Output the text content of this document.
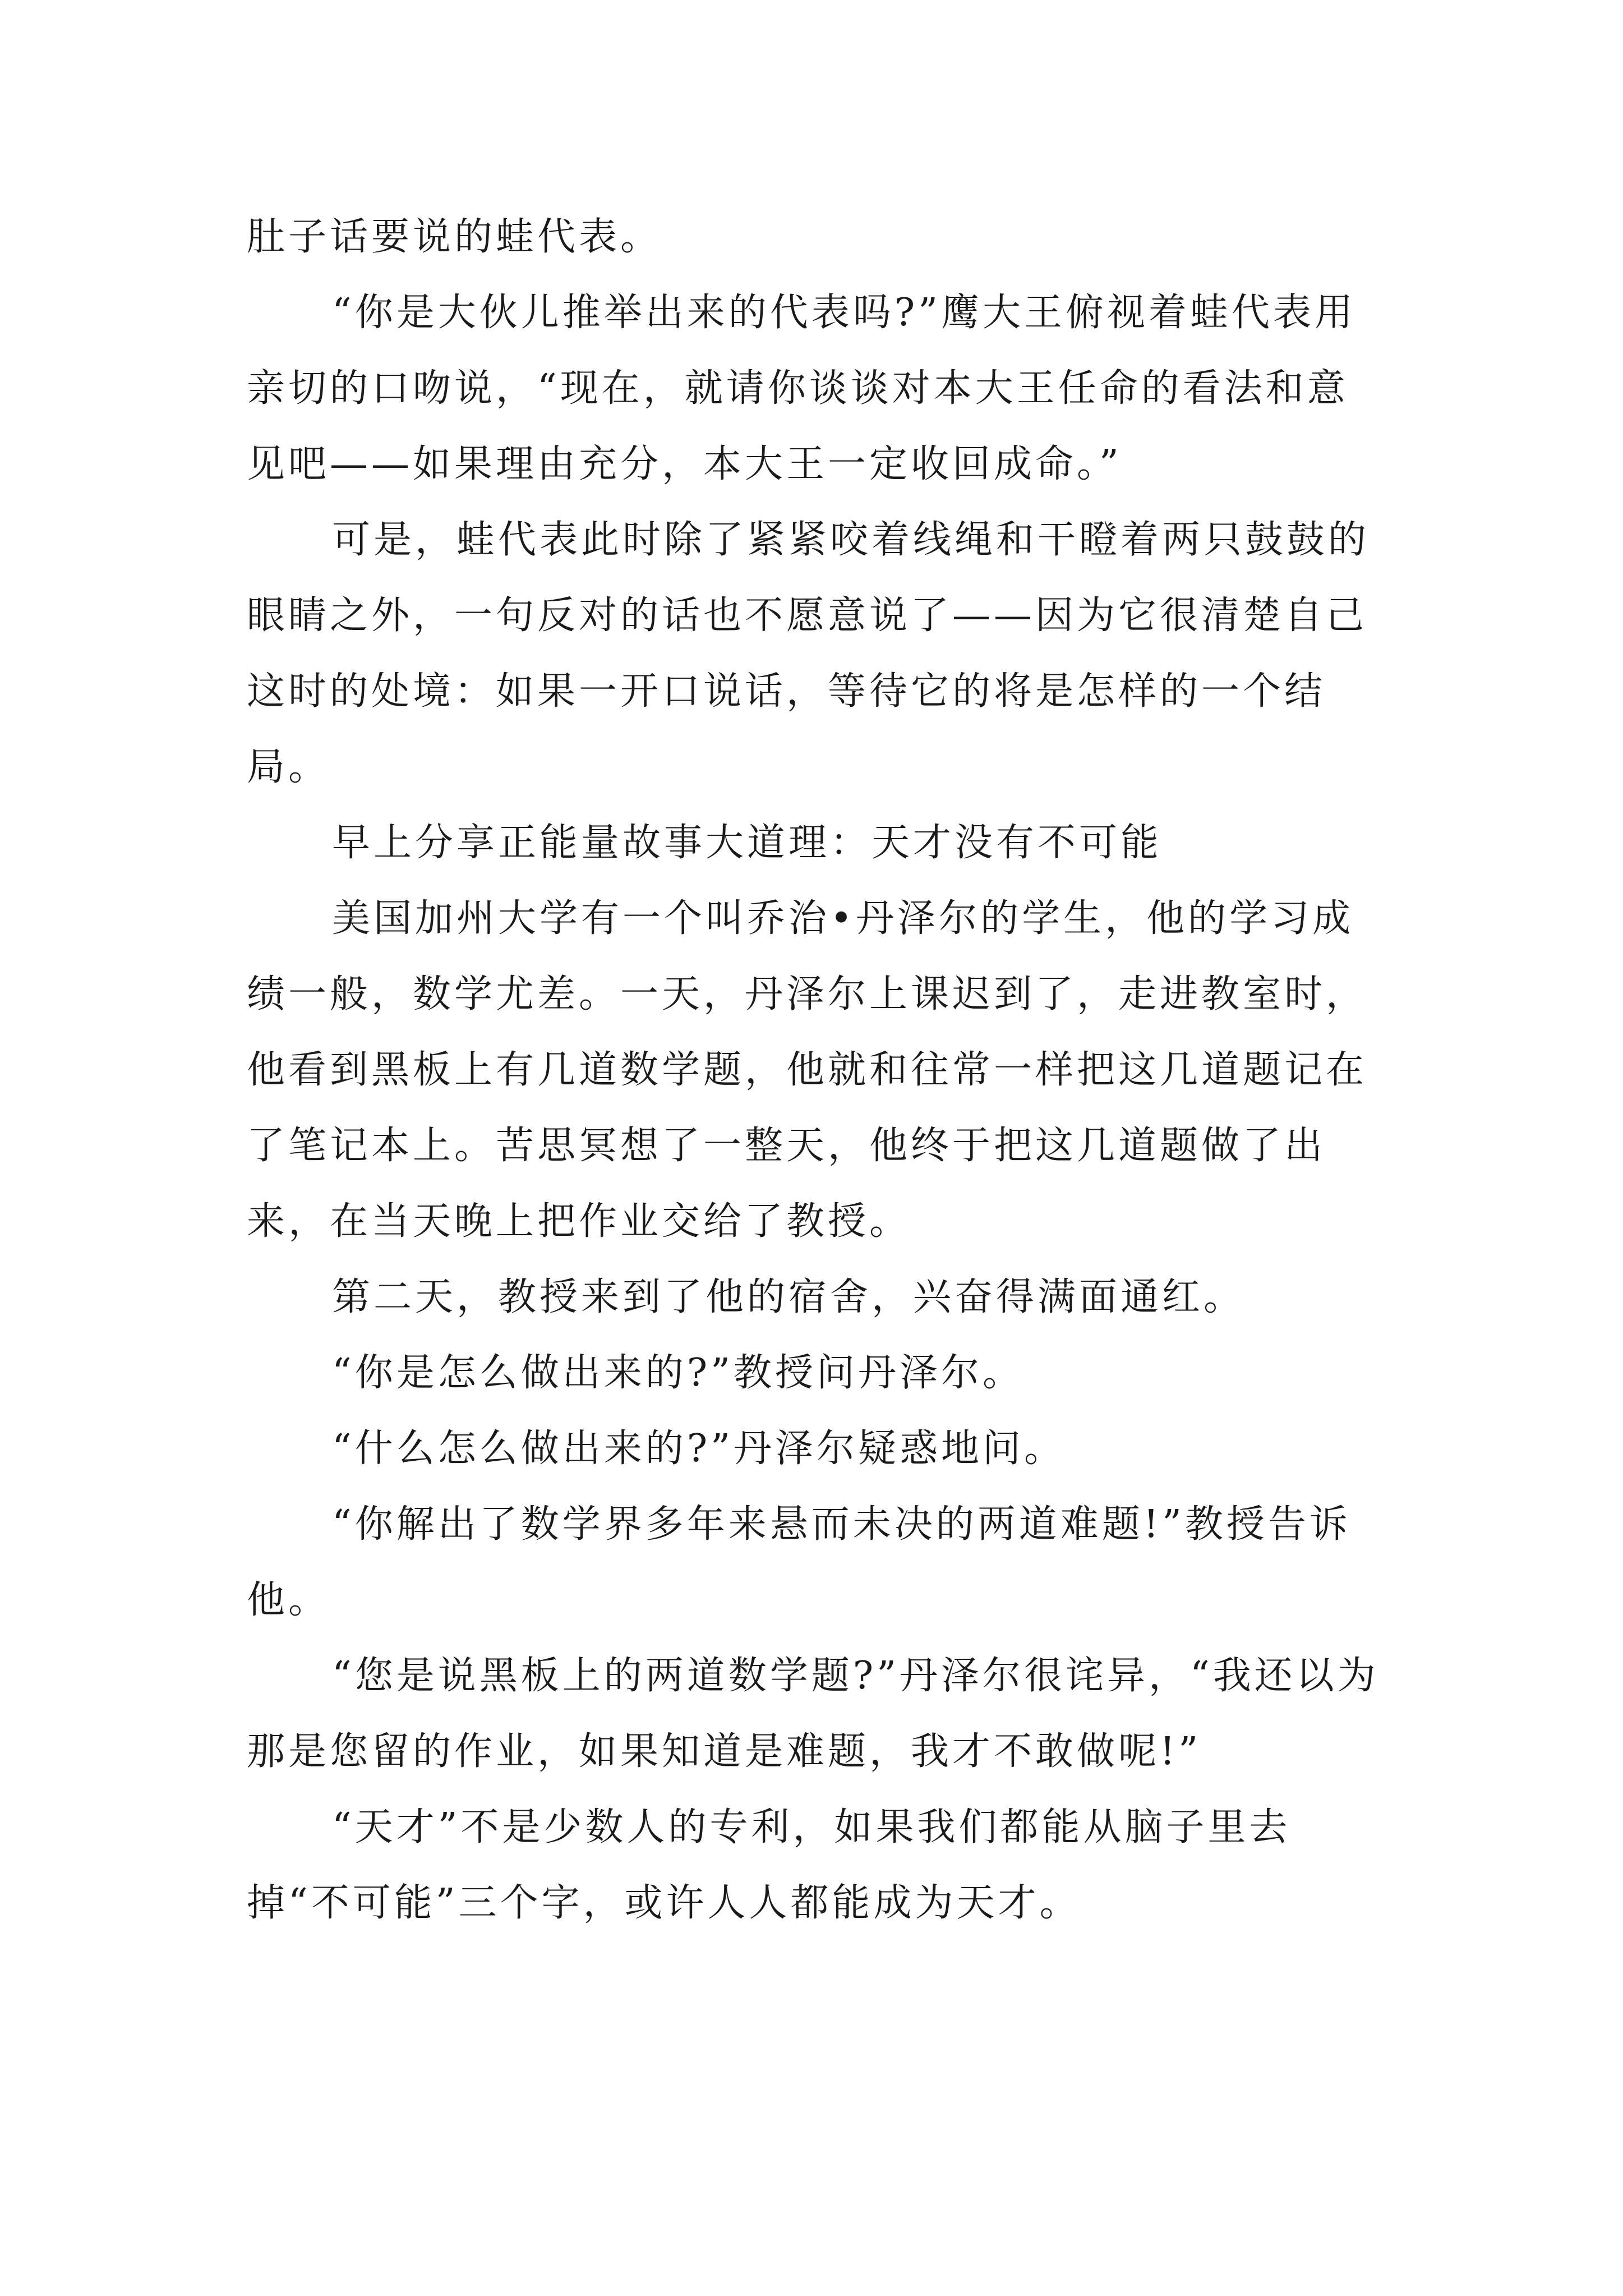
肚子话要说的蛙代表。

“你是大伙儿推举出来的代表吗?”鹰大王俯视着蛙代表用亲切的口吻说，“现在，就请你谈谈对本大王任命的看法和意见吧——如果理由充分，本大王一定收回成命。”

可是，蛙代表此时除了紧紧咬着线绳和干瞪着两只鼓鼓的眼睛之外，一句反对的话也不愿意说了——因为它很清楚自己这时的处境：如果一开口说话，等待它的将是怎样的一个结局。

早上分享正能量故事大道理：天才没有不可能

美国加州大学有一个叫乔治•丹泽尔的学生，他的学习成绩一般，数学尤差。一天，丹泽尔上课迟到了，走进教室时，他看到黑板上有几道数学题，他就和往常一样把这几道题记在了笔记本上。苦思冥想了一整天，他终于把这几道题做了出来，在当天晚上把作业交给了教授。

第二天，教授来到了他的宿舍，兴奋得满面通红。

“你是怎么做出来的?”教授问丹泽尔。

“什么怎么做出来的?”丹泽尔疑惑地问。

“你解出了数学界多年来悬而未决的两道难题!”教授告诉他。

“您是说黑板上的两道数学题?”丹泽尔很诧异，“我还以为那是您留的作业，如果知道是难题，我才不敢做呢!”

“天才”不是少数人的专利，如果我们都能从脑子里去掉“不可能”三个字，或许人人都能成为天才。
